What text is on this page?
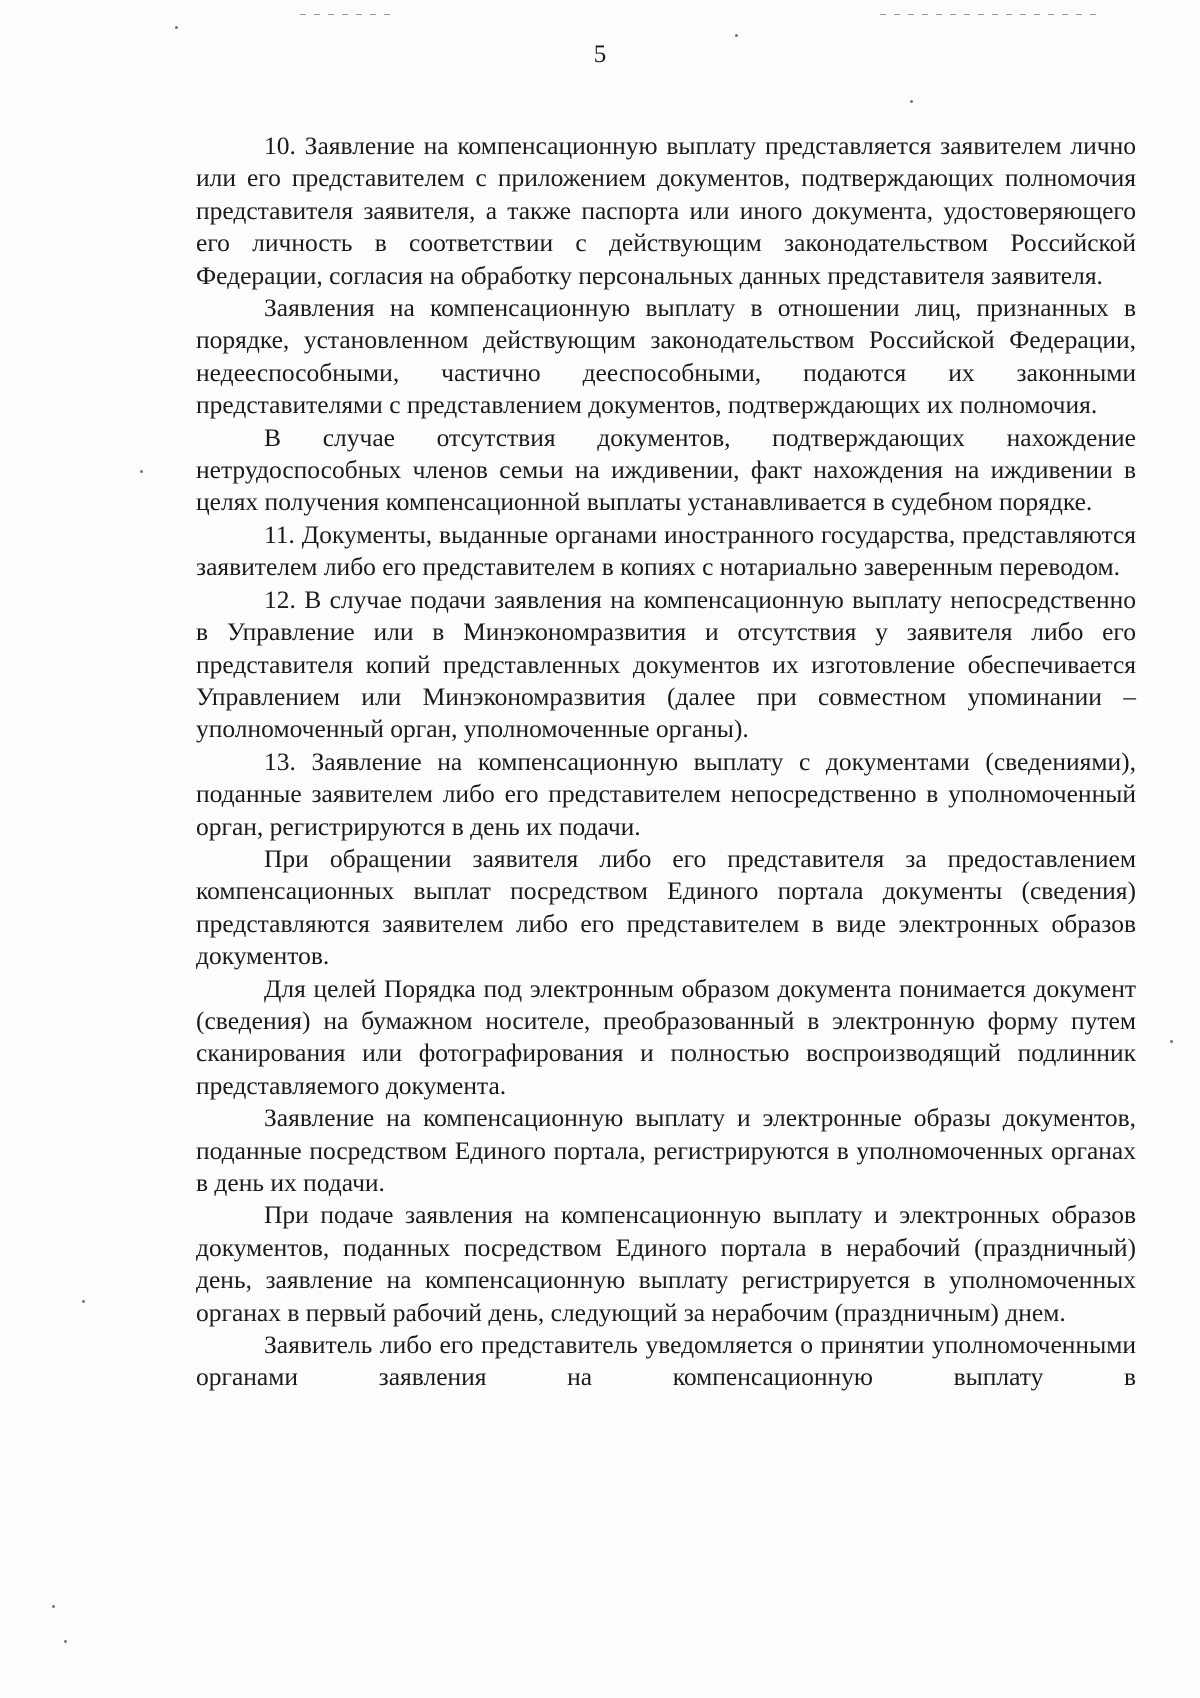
5

10. Заявление на компенсационную выплату представляется заявителем лично или его представителем с приложением документов, подтверждающих полномочия представителя заявителя, а также паспорта или иного документа, удостоверяющего его личность в соответствии с действующим законодательством Российской Федерации, согласия на обработку персональных данных представителя заявителя.

Заявления на компенсационную выплату в отношении лиц, признанных в порядке, установленном действующим законодательством Российской Федерации, недееспособными, частично дееспособными, подаются их законными представителями с представлением документов, подтверждающих их полномочия.

В случае отсутствия документов, подтверждающих нахождение нетрудоспособных членов семьи на иждивении, факт нахождения на иждивении в целях получения компенсационной выплаты устанавливается в судебном порядке.

11. Документы, выданные органами иностранного государства, представляются заявителем либо его представителем в копиях с нотариально заверенным переводом.

12. В случае подачи заявления на компенсационную выплату непосредственно в Управление или в Минэкономразвития и отсутствия у заявителя либо его представителя копий представленных документов их изготовление обеспечивается Управлением или Минэкономразвития (далее при совместном упоминании – уполномоченный орган, уполномоченные органы).

13. Заявление на компенсационную выплату с документами (сведениями), поданные заявителем либо его представителем непосредственно в уполномоченный орган, регистрируются в день их подачи.

При обращении заявителя либо его представителя за предоставлением компенсационных выплат посредством Единого портала документы (сведения) представляются заявителем либо его представителем в виде электронных образов документов.

Для целей Порядка под электронным образом документа понимается документ (сведения) на бумажном носителе, преобразованный в электронную форму путем сканирования или фотографирования и полностью воспроизводящий подлинник представляемого документа.

Заявление на компенсационную выплату и электронные образы документов, поданные посредством Единого портала, регистрируются в уполномоченных органах в день их подачи.

При подаче заявления на компенсационную выплату и электронных образов документов, поданных посредством Единого портала в нерабочий (праздничный) день, заявление на компенсационную выплату регистрируется в уполномоченных органах в первый рабочий день, следующий за нерабочим (праздничным) днем.

Заявитель либо его представитель уведомляется о принятии уполномоченными органами заявления на компенсационную выплату в
